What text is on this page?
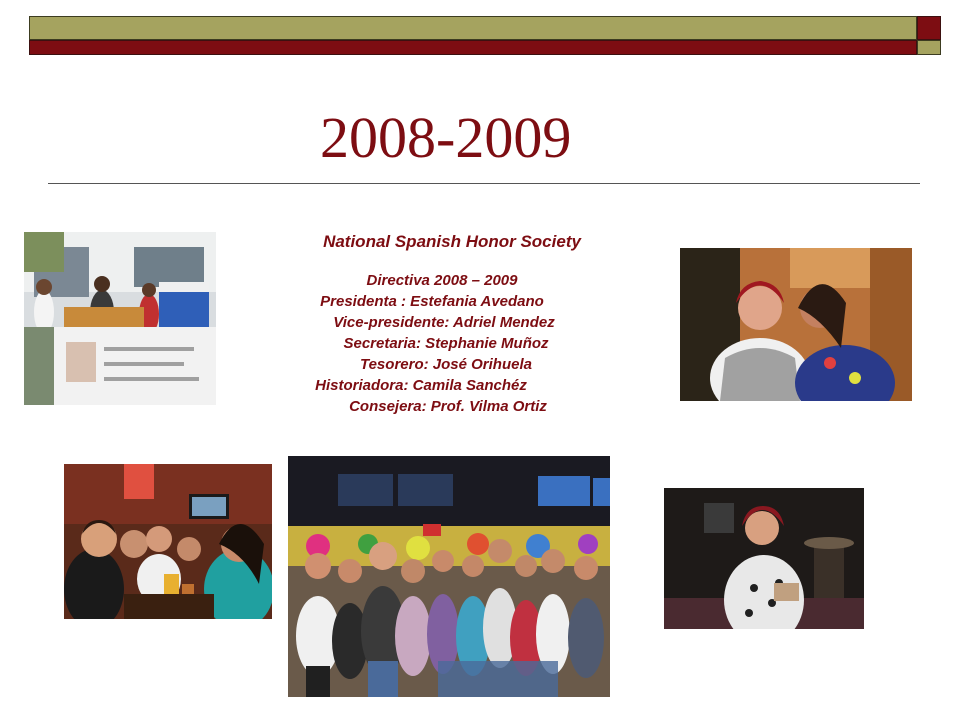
2008-2009
National Spanish Honor Society
Directiva 2008 – 2009
Presidenta : Estefania Avedano
Vice-presidente: Adriel Mendez
Secretaria: Stephanie Muñoz
Tesorero: José Orihuela
Historiadora: Camila Sanchéz
Consejera: Prof. Vilma Ortiz
